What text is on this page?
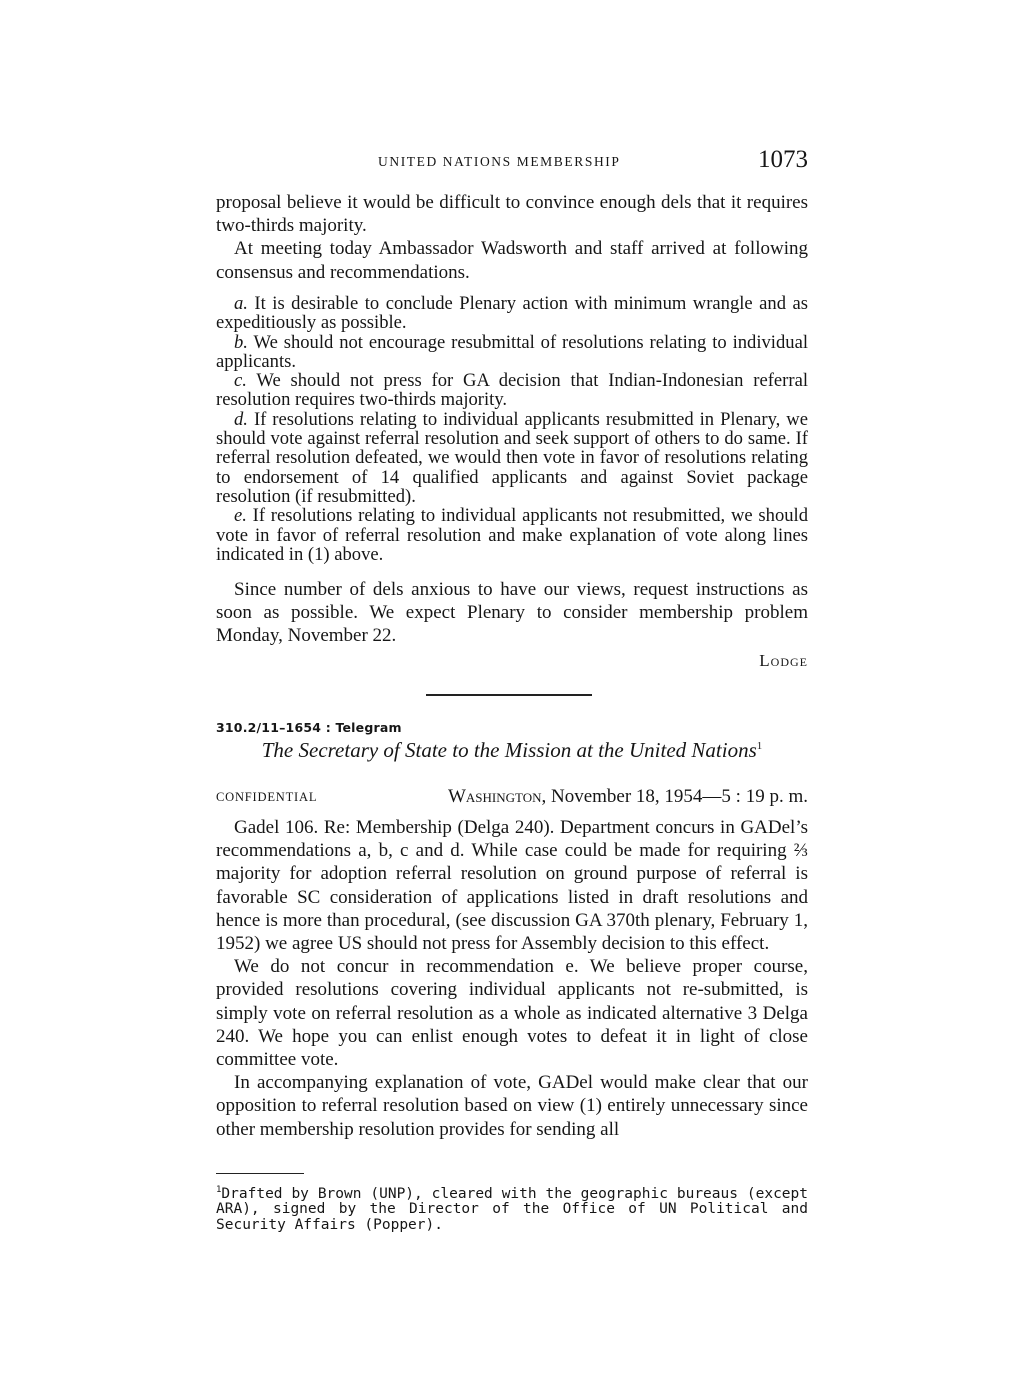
UNITED NATIONS MEMBERSHIP	1073

proposal believe it would be difficult to convince enough dels that it requires two-thirds majority.

At meeting today Ambassador Wadsworth and staff arrived at following consensus and recommendations.

a. It is desirable to conclude Plenary action with minimum wrangle and as expeditiously as possible.

b. We should not encourage resubmittal of resolutions relating to individual applicants.

c. We should not press for GA decision that Indian-Indonesian referral resolution requires two-thirds majority.

d. If resolutions relating to individual applicants resubmitted in Plenary, we should vote against referral resolution and seek support of others to do same. If referral resolution defeated, we would then vote in favor of resolutions relating to endorsement of 14 qualified applicants and against Soviet package resolution (if resubmitted).

e. If resolutions relating to individual applicants not resubmitted, we should vote in favor of referral resolution and make explanation of vote along lines indicated in (1) above.

Since number of dels anxious to have our views, request instructions as soon as possible. We expect Plenary to consider membership problem Monday, November 22.

Lodge
310.2/11–1654 : Telegram
The Secretary of State to the Mission at the United Nations$^1$
CONFIDENTIAL	Washington, November 18, 1954—5 : 19 p. m.

Gadel 106. Re: Membership (Delga 240). Department concurs in GADel’s recommendations a, b, c and d. While case could be made for requiring ⅔ majority for adoption referral resolution on ground purpose of referral is favorable SC consideration of applications listed in draft resolutions and hence is more than procedural, (see discussion GA 370th plenary, February 1, 1952) we agree US should not press for Assembly decision to this effect.

We do not concur in recommendation e. We believe proper course, provided resolutions covering individual applicants not re-submitted, is simply vote on referral resolution as a whole as indicated alternative 3 Delga 240. We hope you can enlist enough votes to defeat it in light of close committee vote.

In accompanying explanation of vote, GADel would make clear that our opposition to referral resolution based on view (1) entirely unnecessary since other membership resolution provides for sending all

$^1$Drafted by Brown (UNP), cleared with the geographic bureaus (except ARA), signed by the Director of the Office of UN Political and Security Affairs (Popper).
